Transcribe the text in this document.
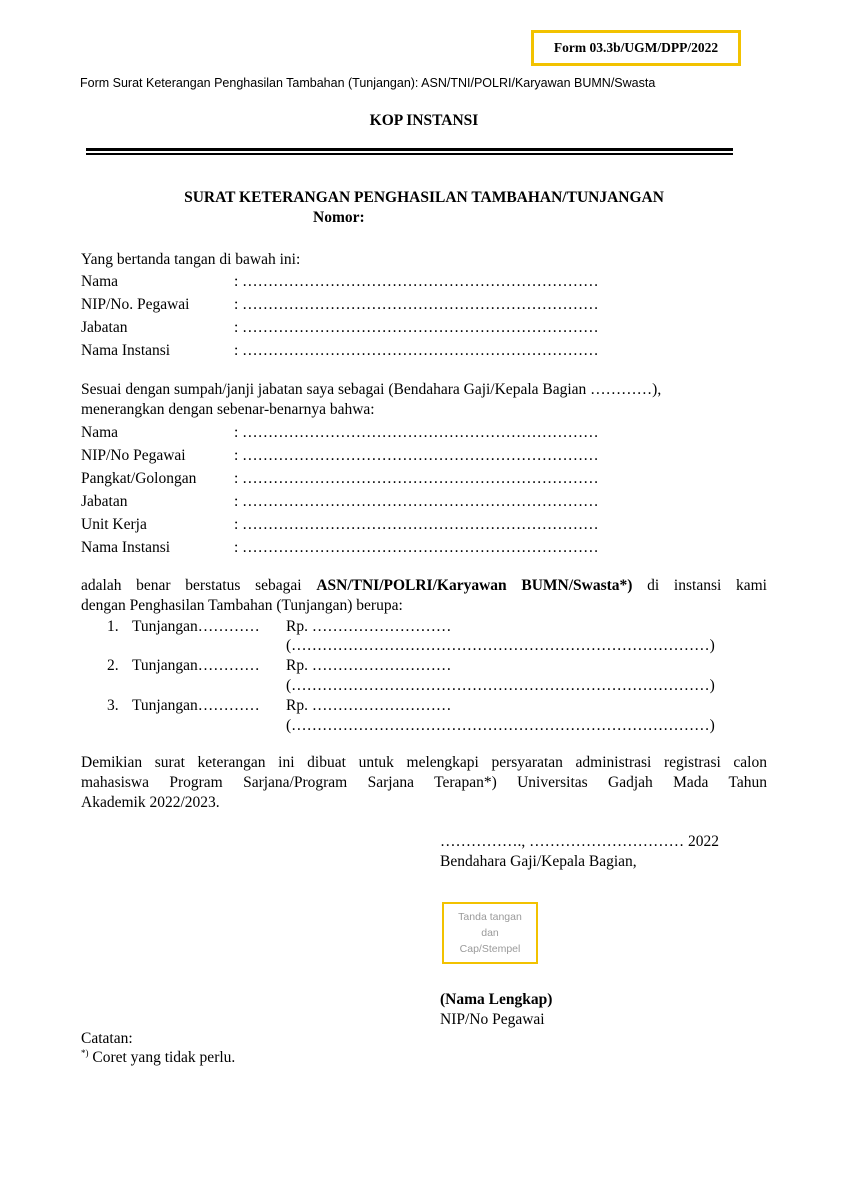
Form 03.3b/UGM/DPP/2022
Form Surat Keterangan Penghasilan Tambahan (Tunjangan): ASN/TNI/POLRI/Karyawan BUMN/Swasta
KOP INSTANSI
SURAT KETERANGAN PENGHASILAN TAMBAHAN/TUNJANGAN
Nomor:
Yang bertanda tangan di bawah ini:
Nama	: ……………………………………………………………
NIP/No. Pegawai	: ……………………………………………………………
Jabatan	: ……………………………………………………………
Nama Instansi	: ……………………………………………………………
Sesuai dengan sumpah/janji jabatan saya sebagai (Bendahara Gaji/Kepala Bagian …………),
menerangkan dengan sebenar-benarnya bahwa:
Nama	: ……………………………………………………………
NIP/No Pegawai	: ……………………………………………………………
Pangkat/Golongan : ……………………………………………………………
Jabatan	: ……………………………………………………………
Unit Kerja	: ……………………………………………………………
Nama Instansi	: ……………………………………………………………
adalah benar berstatus sebagai ASN/TNI/POLRI/Karyawan BUMN/Swasta*) di instansi kami
dengan Penghasilan Tambahan (Tunjangan) berupa:
1. Tunjangan………… Rp. ………………………
(………………………………………………………………………)
2. Tunjangan………… Rp. ………………………
(………………………………………………………………………)
3. Tunjangan………… Rp. ………………………
(………………………………………………………………………)
Demikian surat keterangan ini dibuat untuk melengkapi persyaratan administrasi registrasi calon
mahasiswa Program Sarjana/Program Sarjana Terapan*) Universitas Gadjah Mada Tahun
Akademik 2022/2023.
……………., ………………………… 2022
Bendahara Gaji/Kepala Bagian,
Tanda tangan
dan
Cap/Stempel
(Nama Lengkap)
NIP/No Pegawai
Catatan:
*) Coret yang tidak perlu.
